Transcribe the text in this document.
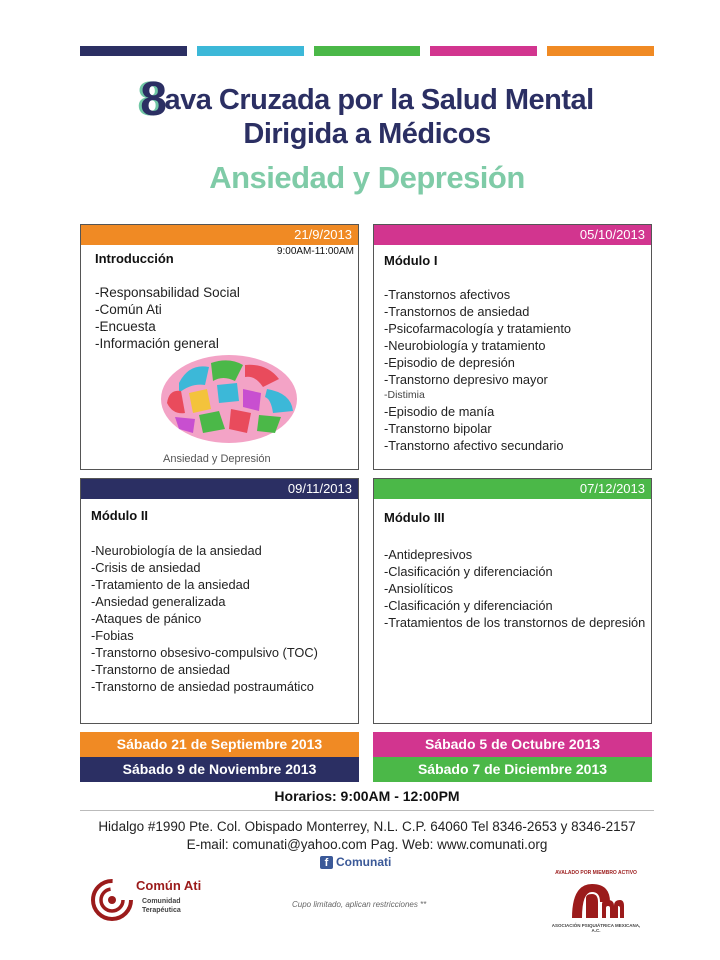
8ava Cruzada por la Salud Mental
Dirigida a Médicos
Ansiedad y Depresión
21/9/2013
9:00AM-11:00AM
Introducción
-Responsabilidad Social
-Común Ati
-Encuesta
-Información general
Ansiedad y Depresión
05/10/2013
Módulo I
-Transtornos afectivos
-Transtornos de ansiedad
-Psicofarmacología y tratamiento
-Neurobiología y tratamiento
-Episodio de depresión
-Transtorno depresivo mayor
-Distimia
-Episodio de manía
-Transtorno bipolar
-Transtorno afectivo secundario
09/11/2013
Módulo II
-Neurobiología de la ansiedad
-Crisis de ansiedad
-Tratamiento de la ansiedad
-Ansiedad generalizada
-Ataques de pánico
-Fobias
-Transtorno obsesivo-compulsivo (TOC)
-Transtorno de ansiedad
-Transtorno de ansiedad postraumático
07/12/2013
Módulo III
-Antidepresivos
-Clasificación y diferenciación
-Ansiolíticos
-Clasificación y diferenciación
-Tratamientos de los transtornos de depresión
Sábado 21 de Septiembre 2013	Sábado 5 de Octubre 2013
Sábado 9 de Noviembre 2013	Sábado 7 de Diciembre 2013
Horarios: 9:00AM - 12:00PM
Hidalgo #1990 Pte. Col. Obispado Monterrey, N.L. C.P. 64060 Tel 8346-2653 y 8346-2157
E-mail: comunati@yahoo.com Pag. Web: www.comunati.org
f Comunati
Común Ati
Comunidad
Terapéutica
Cupo limitado, aplican restricciones **
AVALADO POR MIEMBRO ACTIVO
ASOCIACIÓN PSIQUIÁTRICA MEXICANA, A.C.
